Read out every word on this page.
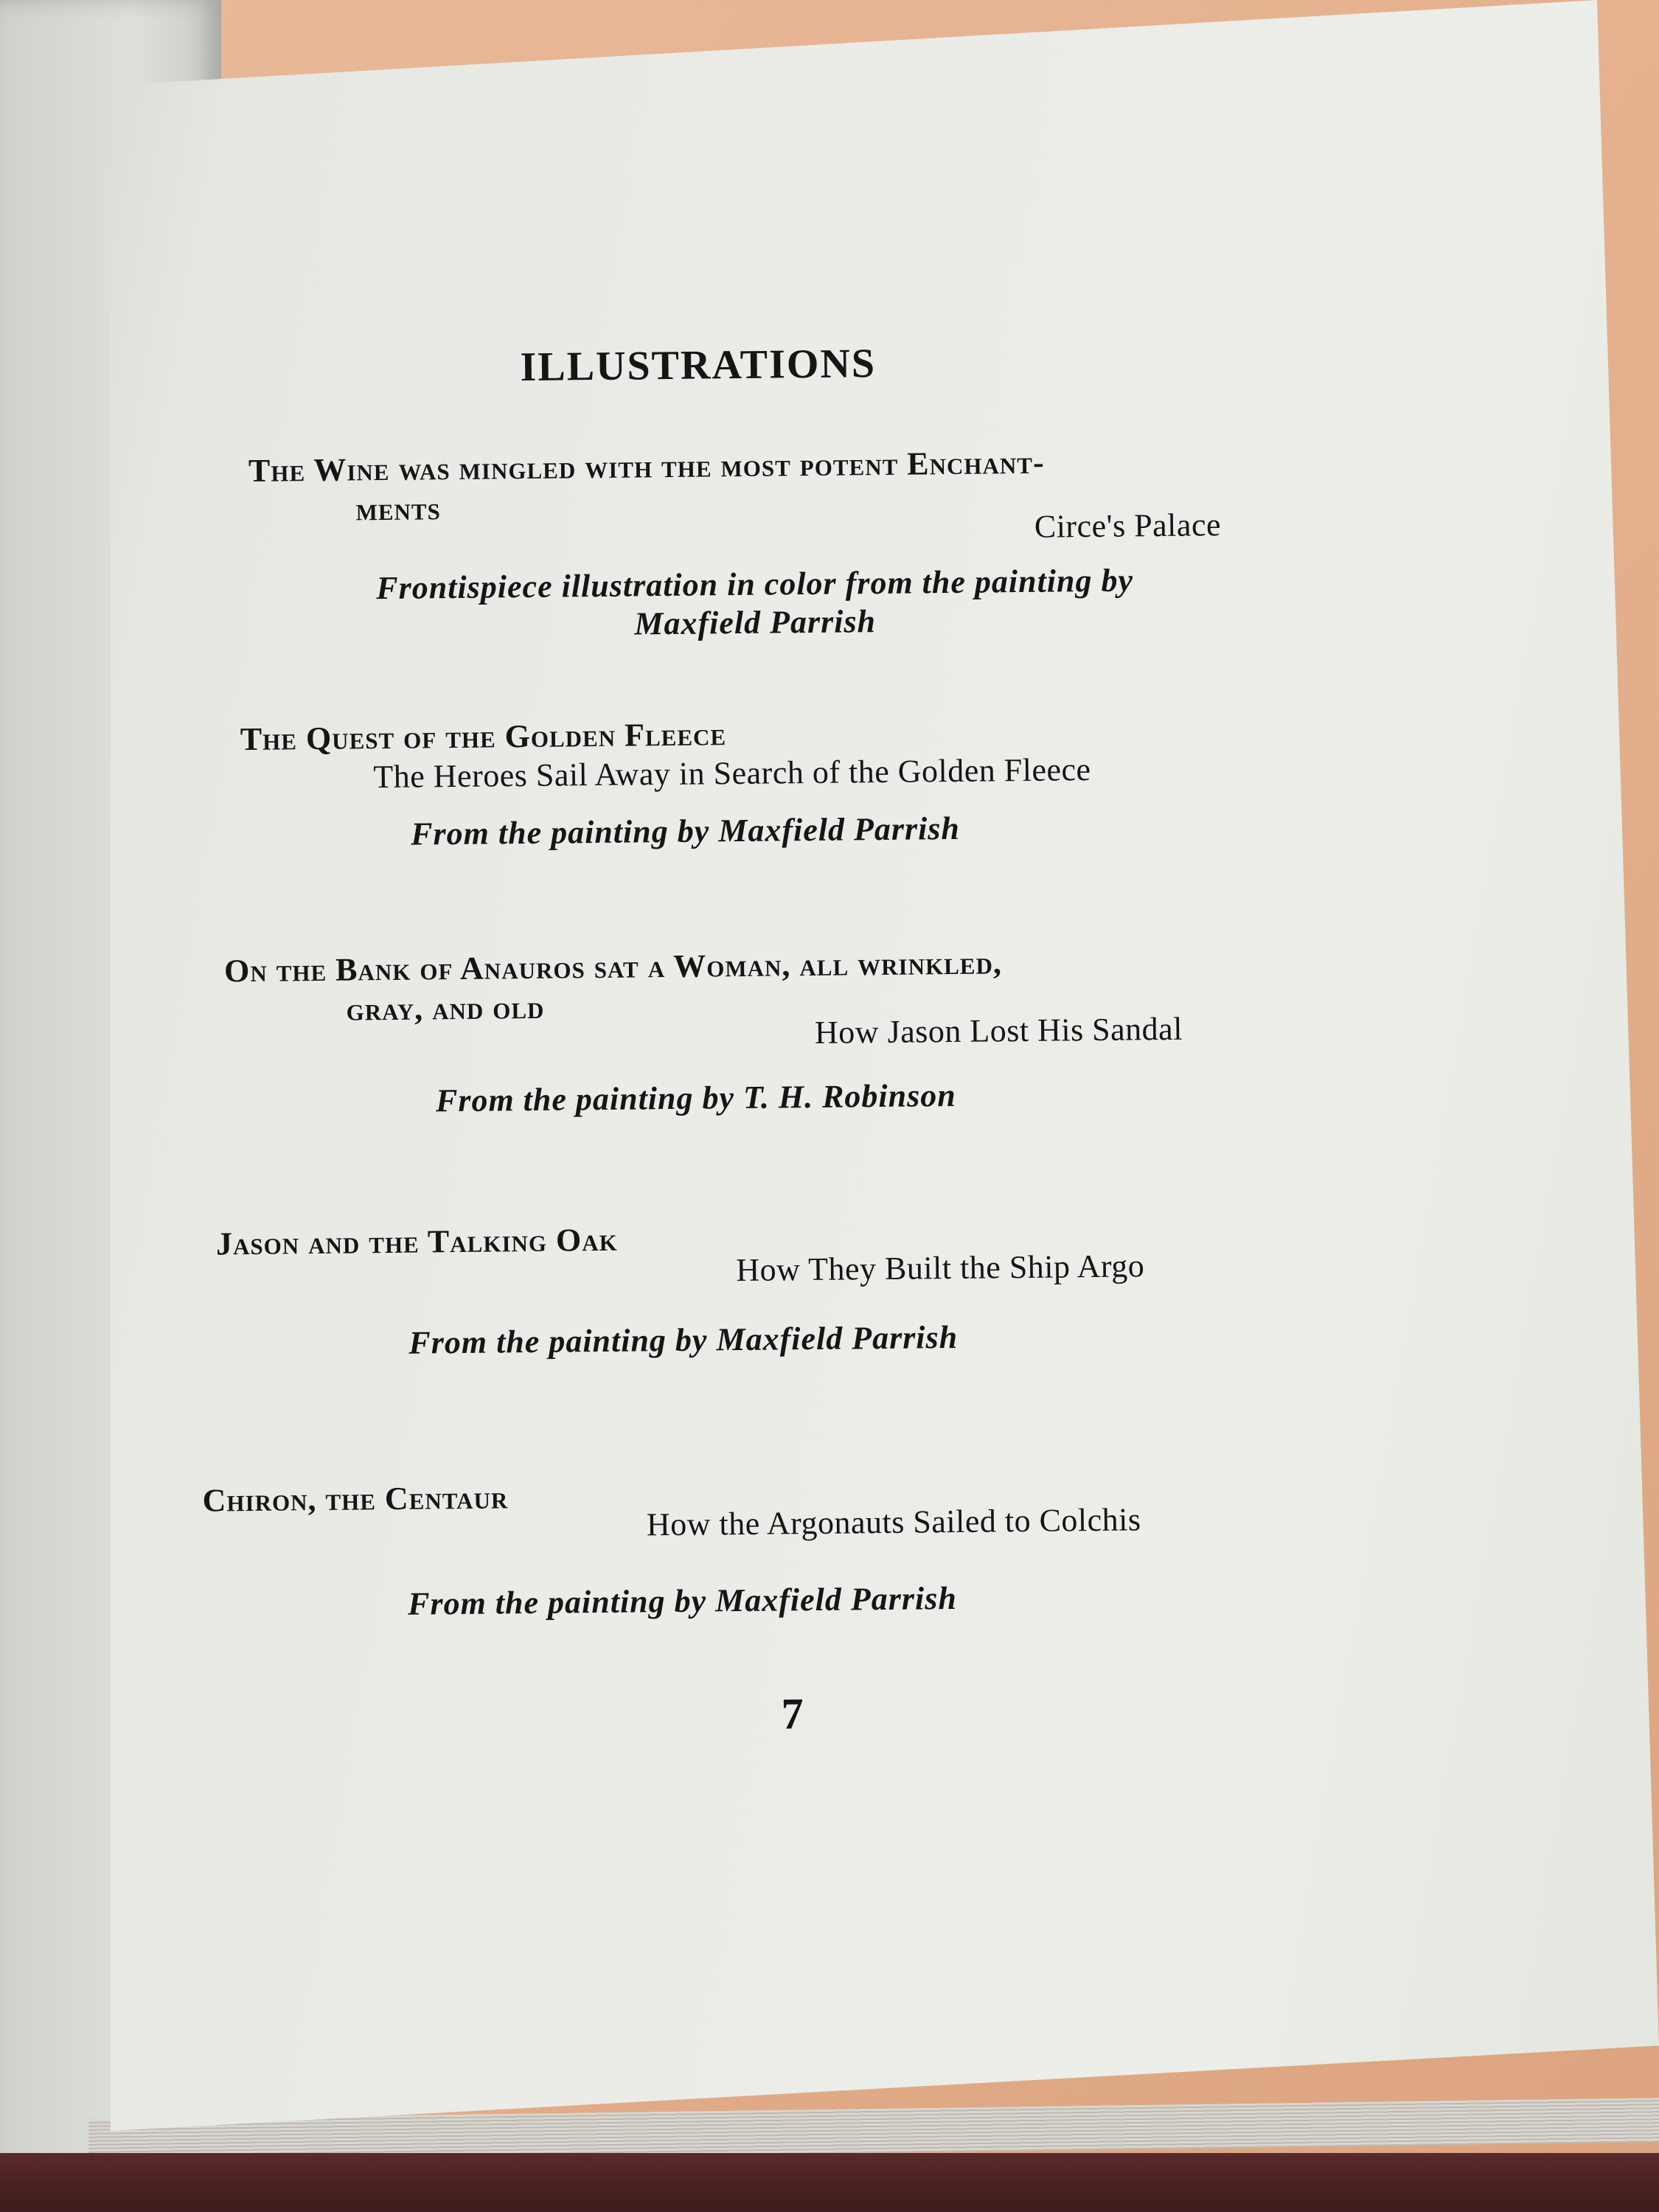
ILLUSTRATIONS
The Wine was mingled with the most potent Enchant-
ments	Circe's Palace
Frontispiece illustration in color from the painting by
Maxfield Parrish
The Quest of the Golden Fleece
The Heroes Sail Away in Search of the Golden Fleece
From the painting by Maxfield Parrish
On the Bank of Anauros sat a Woman, all wrinkled,
gray, and old
How Jason Lost His Sandal
From the painting by T. H. Robinson
Jason and the Talking Oak
How They Built the Ship Argo
From the painting by Maxfield Parrish
Chiron, the Centaur
How the Argonauts Sailed to Colchis
From the painting by Maxfield Parrish
7
